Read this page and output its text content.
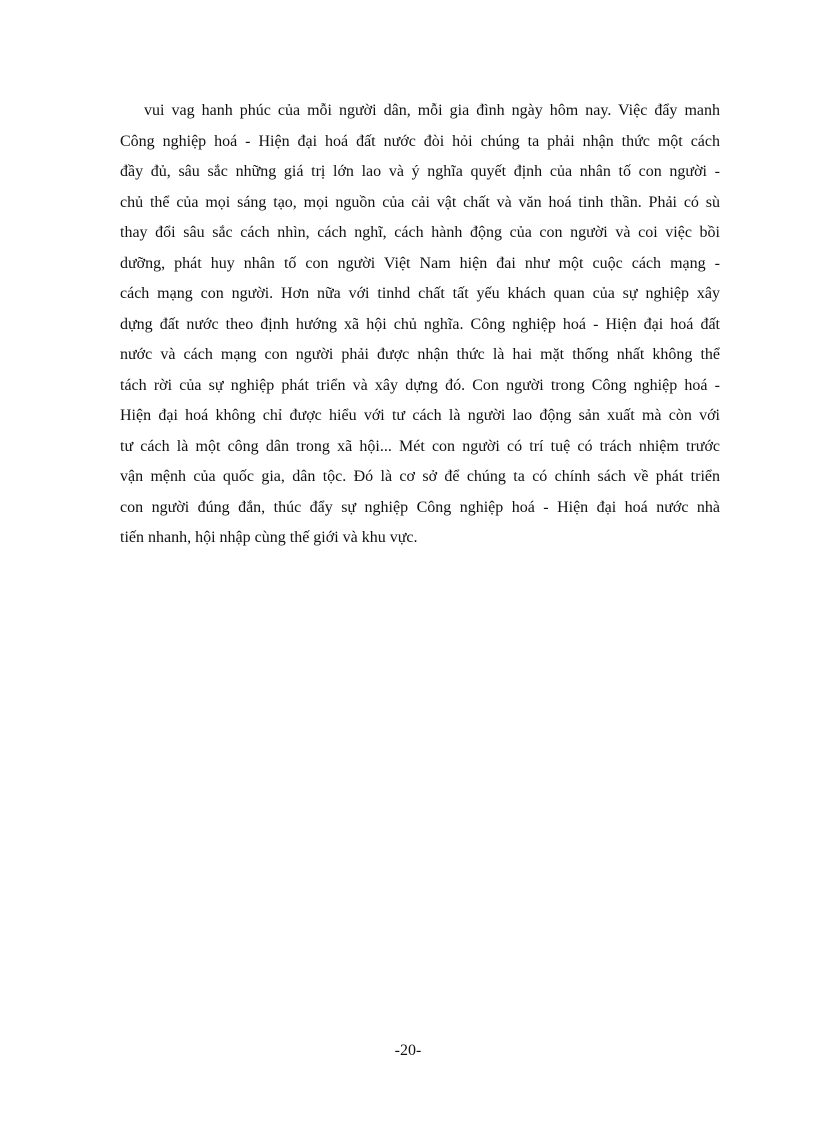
vui vag hanh phúc của mỗi người dân, mỗi gia đình ngày hôm nay. Việc đẩy manh
Công nghiệp hoá - Hiện đại hoá đất nước đòi hỏi chúng ta phải nhận thức một cách
đầy đủ, sâu sắc những giá trị lớn lao và ý nghĩa quyết định của nhân tố con người -
chủ thể của mọi sáng tạo, mọi nguồn của cải vật chất và văn hoá tinh thần. Phải có sù
thay đổi sâu sắc cách nhìn, cách nghĩ, cách hành động của con người và coi việc bồi
dưỡng, phát huy nhân tố con người Việt Nam hiện đai như một cuộc cách mạng -
cách mạng con người. Hơn nữa với tinhd chất tất yếu khách quan của sự nghiệp xây
dựng đất nước theo định hướng xã hội chủ nghĩa. Công nghiệp hoá - Hiện đại hoá đất
nước và cách mạng con người phải được nhận thức là hai mặt thống nhất không thể
tách rời của sự nghiệp phát triển và xây dựng đó. Con người trong Công nghiệp hoá -
Hiện đại hoá không chỉ được hiểu với tư cách là người lao động sản xuất mà còn với
tư cách là một công dân trong xã hội... Mét con người có trí tuệ có trách nhiệm trước
vận mệnh của quốc gia, dân tộc. Đó là cơ sở để chúng ta có chính sách về phát triển
con người đúng đắn, thúc đẩy sự nghiệp Công nghiệp hoá - Hiện đại hoá nước nhà
tiến nhanh, hội nhập cùng thế giới và khu vực.
-20-
